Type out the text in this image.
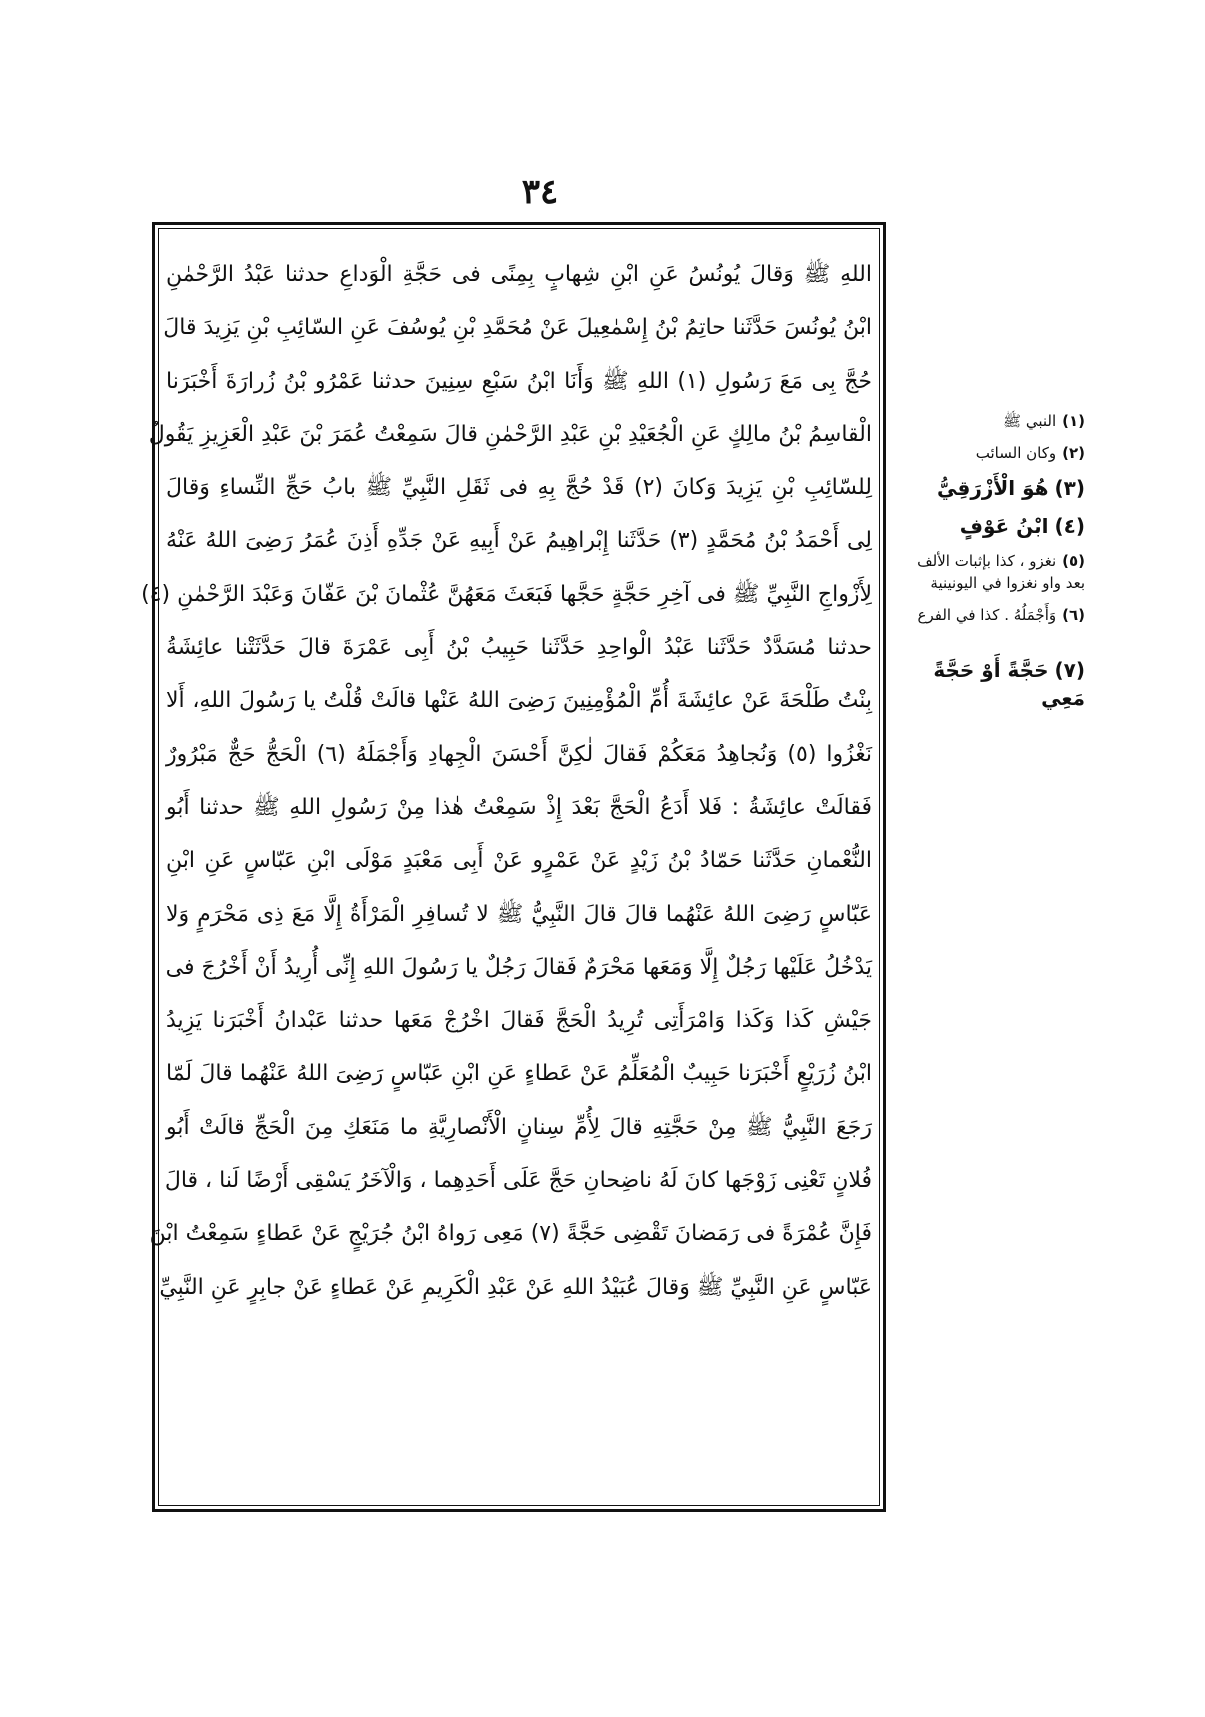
٣٤
اللهِ ﷺ وَقالَ يُونُسُ عَنِ ابْنِ شِهابٍ بِمِنًى فى حَجَّةِ الْوَداعِ حدثنا عَبْدُ الرَّحْمٰنِ
ابْنُ يُونُسَ حَدَّثَنا حاتِمُ بْنُ إِسْمٰعِيلَ عَنْ مُحَمَّدِ بْنِ يُوسُفَ عَنِ السّائِبِ بْنِ يَزِيدَ قالَ
حُجَّ بِى مَعَ رَسُولِ (١) اللهِ ﷺ وَأَنَا ابْنُ سَبْعِ سِنِينَ حدثنا عَمْرُو بْنُ زُرارَةَ أَخْبَرَنا
الْقاسِمُ بْنُ مالِكٍ عَنِ الْجُعَيْدِ بْنِ عَبْدِ الرَّحْمٰنِ قالَ سَمِعْتُ عُمَرَ بْنَ عَبْدِ الْعَزِيزِ يَقُولُ
لِلسّائِبِ بْنِ يَزِيدَ وَكانَ (٢) قَدْ حُجَّ بِهِ فى ثَقَلِ النَّبِيِّ ﷺ بابُ حَجِّ النِّساءِ وَقالَ
لِى أَحْمَدُ بْنُ مُحَمَّدٍ (٣) حَدَّثَنا إِبْراهِيمُ عَنْ أَبِيهِ عَنْ جَدِّهِ أَذِنَ عُمَرُ رَضِىَ اللهُ عَنْهُ
لِأَزْواجِ النَّبِيِّ ﷺ فى آخِرِ حَجَّةٍ حَجَّها فَبَعَثَ مَعَهُنَّ عُثْمانَ بْنَ عَفّانَ وَعَبْدَ الرَّحْمٰنِ (٤)
حدثنا مُسَدَّدٌ حَدَّثَنا عَبْدُ الْواحِدِ حَدَّثَنا حَبِيبُ بْنُ أَبِى عَمْرَةَ قالَ حَدَّثَتْنا عائِشَةُ
بِنْتُ طَلْحَةَ عَنْ عائِشَةَ أُمِّ الْمُؤْمِنِينَ رَضِىَ اللهُ عَنْها قالَتْ قُلْتُ يا رَسُولَ اللهِ، أَلا
نَغْزُوا (٥) وَنُجاهِدُ مَعَكُمْ فَقالَ لٰكِنَّ أَحْسَنَ الْجِهادِ وَأَجْمَلَهُ (٦) الْحَجُّ حَجٌّ مَبْرُورٌ
فَقالَتْ عائِشَةُ : فَلا أَدَعُ الْحَجَّ بَعْدَ إِذْ سَمِعْتُ هٰذا مِنْ رَسُولِ اللهِ ﷺ حدثنا أَبُو
النُّعْمانِ حَدَّثَنا حَمّادُ بْنُ زَيْدٍ عَنْ عَمْرٍو عَنْ أَبِى مَعْبَدٍ مَوْلَى ابْنِ عَبّاسٍ عَنِ ابْنِ
عَبّاسٍ رَضِىَ اللهُ عَنْهُما قالَ قالَ النَّبِيُّ ﷺ لا تُسافِرِ الْمَرْأَةُ إِلَّا مَعَ ذِى مَحْرَمٍ وَلا
يَدْخُلُ عَلَيْها رَجُلٌ إِلَّا وَمَعَها مَحْرَمٌ فَقالَ رَجُلٌ يا رَسُولَ اللهِ إِنِّى أُرِيدُ أَنْ أَخْرُجَ فى
جَيْشِ كَذا وَكَذا وَامْرَأَتِى تُرِيدُ الْحَجَّ فَقالَ اخْرُجْ مَعَها حدثنا عَبْدانُ أَخْبَرَنا يَزِيدُ
ابْنُ زُرَيْعٍ أَخْبَرَنا حَبِيبٌ الْمُعَلِّمُ عَنْ عَطاءٍ عَنِ ابْنِ عَبّاسٍ رَضِىَ اللهُ عَنْهُما قالَ لَمّا
رَجَعَ النَّبِيُّ ﷺ مِنْ حَجَّتِهِ قالَ لِأُمِّ سِنانٍ الْأَنْصارِيَّةِ ما مَنَعَكِ مِنَ الْحَجِّ قالَتْ أَبُو
فُلانٍ تَعْنِى زَوْجَها كانَ لَهُ ناضِحانِ حَجَّ عَلَى أَحَدِهِما ، وَالْآخَرُ يَسْقِى أَرْضًا لَنا ، قالَ
فَإِنَّ عُمْرَةً فى رَمَضانَ تَقْضِى حَجَّةً (٧) مَعِى رَواهُ ابْنُ جُرَيْجٍ عَنْ عَطاءٍ سَمِعْتُ ابْنَ
عَبّاسٍ عَنِ النَّبِيِّ ﷺ وَقالَ عُبَيْدُ اللهِ عَنْ عَبْدِ الْكَرِيمِ عَنْ عَطاءٍ عَنْ جابِرٍ عَنِ النَّبِيِّ
(١)النبي ﷺ
(٢)وكان السائب
(٣)هُوَ الْأَزْرَقِيُّ
(٤)ابْنُ عَوْفٍ
(٥)نغزو ، كذا بإثبات الألف بعد واو نغزوا في اليونينية
(٦)وَأَجْمَلُهُ . كذا في الفرع
(٧)حَجَّةً أَوْ حَجَّةً مَعِي
